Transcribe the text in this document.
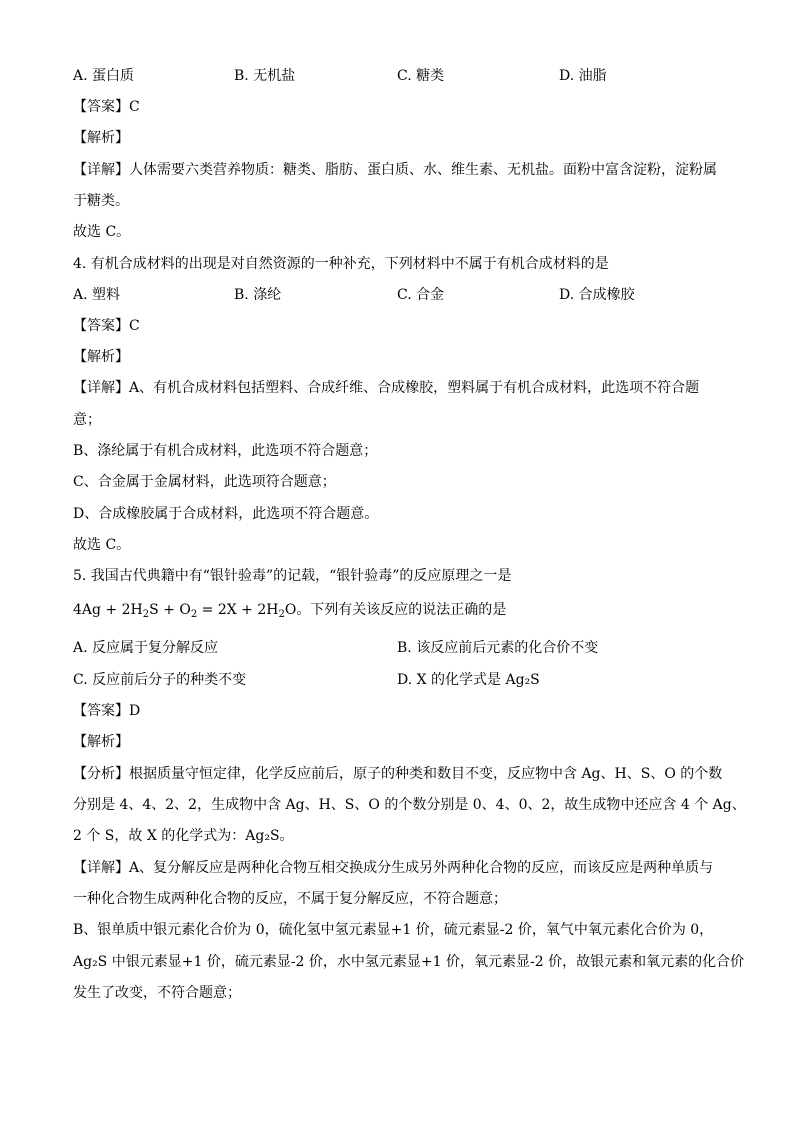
A. 蛋白质	B. 无机盐	C. 糖类	D. 油脂
【答案】C
【解析】
【详解】人体需要六类营养物质：糖类、脂肪、蛋白质、水、维生素、无机盐。面粉中富含淀粉，淀粉属
于糖类。
故选 C。
4. 有机合成材料的出现是对自然资源的一种补充，下列材料中不属于有机合成材料的是
A. 塑料	B. 涤纶	C. 合金	D. 合成橡胶
【答案】C
【解析】
【详解】A、有机合成材料包括塑料、合成纤维、合成橡胶，塑料属于有机合成材料，此选项不符合题
意；
B、涤纶属于有机合成材料，此选项不符合题意；
C、合金属于金属材料，此选项符合题意；
D、合成橡胶属于合成材料，此选项不符合题意。
故选 C。
5. 我国古代典籍中有“银针验毒”的记载，“银针验毒”的反应原理之一是
$4Ag + 2H_2S + O_2 = 2X + 2H_2O$。下列有关该反应的说法正确的是
A. 反应属于复分解反应	B. 该反应前后元素的化合价不变
C. 反应前后分子的种类不变	D. X 的化学式是 Ag₂S
【答案】D
【解析】
【分析】根据质量守恒定律，化学反应前后，原子的种类和数目不变，反应物中含 Ag、H、S、O 的个数
分别是 4、4、2、2，生成物中含 Ag、H、S、O 的个数分别是 0、4、0、2，故生成物中还应含 4 个 Ag、
2 个 S，故 X 的化学式为：Ag₂S。
【详解】A、复分解反应是两种化合物互相交换成分生成另外两种化合物的反应，而该反应是两种单质与
一种化合物生成两种化合物的反应，不属于复分解反应，不符合题意；
B、银单质中银元素化合价为 0，硫化氢中氢元素显+1 价，硫元素显-2 价，氧气中氧元素化合价为 0，
Ag₂S 中银元素显+1 价，硫元素显-2 价，水中氢元素显+1 价，氧元素显-2 价，故银元素和氧元素的化合价
发生了改变，不符合题意；
